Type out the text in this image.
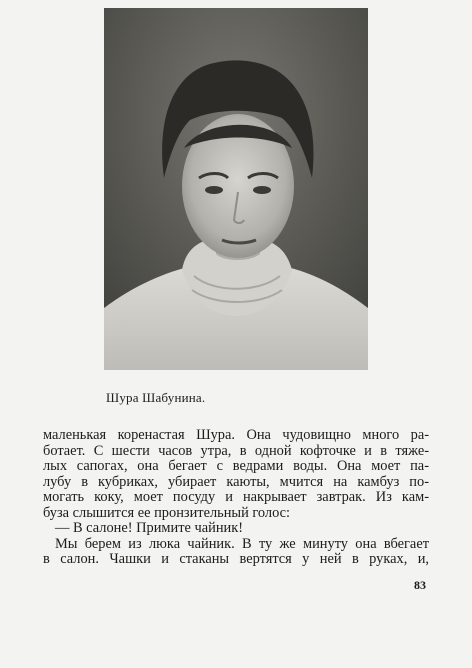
Шура Шабунина.
маленькая коренастая Шура. Она чудовищно много ра-
ботает. С шести часов утра, в одной кофточке и в тяже-
лых сапогах, она бегает с ведрами воды. Она моет па-
лубу в кубриках, убирает каюты, мчится на камбуз по-
могать коку, моет посуду и накрывает завтрак. Из кам-
буза слышится ее пронзительный голос:
— В салоне! Примите чайник!
Мы берем из люка чайник. В ту же минуту она вбегает
в салон. Чашки и стаканы вертятся у ней в руках, и,
83
